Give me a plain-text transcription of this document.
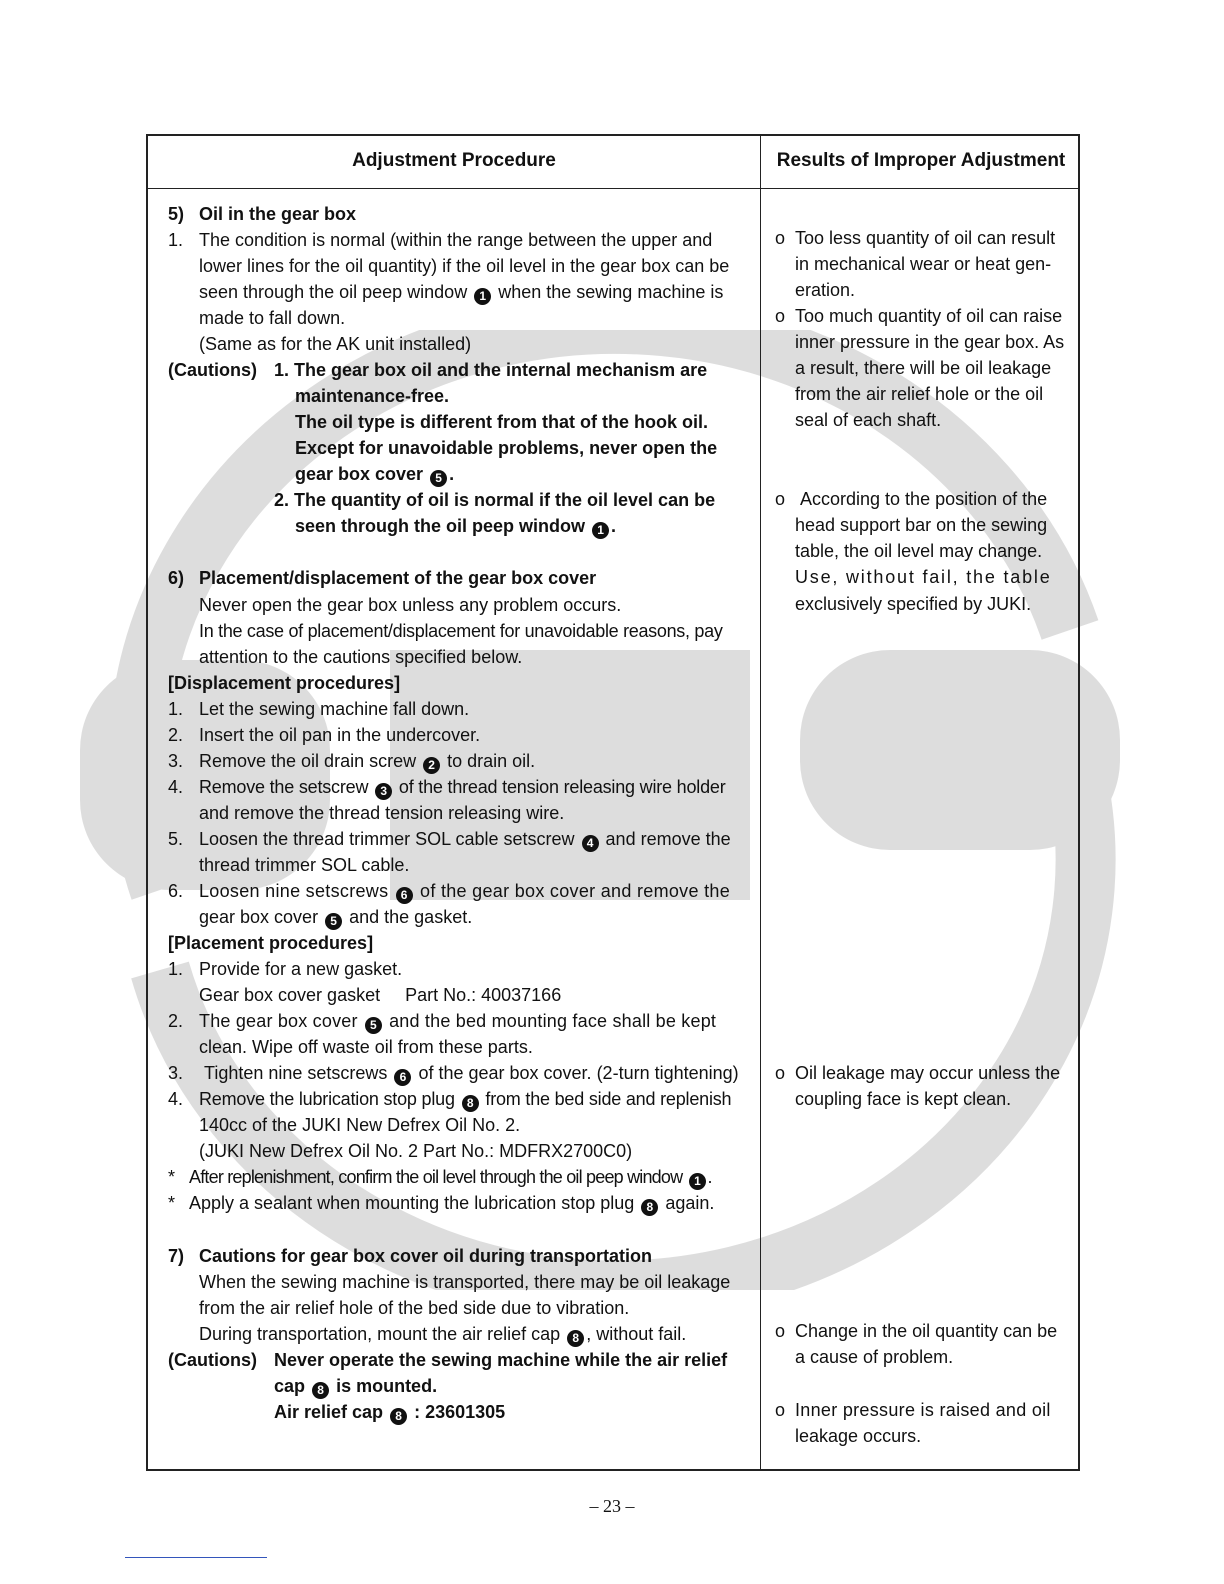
Adjustment Procedure	Results of Improper Adjustment
5) Oil in the gear box
1. The condition is normal (within the range between the upper and
lower lines for the oil quantity) if the oil level in the gear box can be
seen through the oil peep window 1 when the sewing machine is
made to fall down.
(Same as for the AK unit installed)
(Cautions) 1. The gear box oil and the internal mechanism are
maintenance-free.
The oil type is different from that of the hook oil.
Except for unavoidable problems, never open the
gear box cover 5 .
2. The quantity of oil is normal if the oil level can be
seen through the oil peep window 1 .
6) Placement/displacement of the gear box cover
Never open the gear box unless any problem occurs.
In the case of placement/displacement for unavoidable reasons, pay
attention to the cautions specified below.
[Displacement procedures]
1. Let the sewing machine fall down.
2. Insert the oil pan in the undercover.
3. Remove the oil drain screw 2 to drain oil.
4. Remove the setscrew 3 of the thread tension releasing wire holder
and remove the thread tension releasing wire.
5. Loosen the thread trimmer SOL cable setscrew 4 and remove the
thread trimmer SOL cable.
6. Loosen nine setscrews 6 of the gear box cover and remove the
gear box cover 5 and the gasket.
[Placement procedures]
1. Provide for a new gasket.
Gear box cover gasket     Part No.: 40037166
2. The gear box cover 5 and the bed mounting face shall be kept
clean. Wipe off waste oil from these parts.
3. Tighten nine setscrews 6 of the gear box cover. (2-turn tightening)
4. Remove the lubrication stop plug 8 from the bed side and replenish
140cc of the JUKI New Defrex Oil No. 2.
(JUKI New Defrex Oil No. 2 Part No.: MDFRX2700C0)
* After replenishment, confirm the oil level through the oil peep window 1 .
* Apply a sealant when mounting the lubrication stop plug 8 again.
7) Cautions for gear box cover oil during transportation
When the sewing machine is transported, there may be oil leakage
from the air relief hole of the bed side due to vibration.
During transportation, mount the air relief cap 8 , without fail.
(Cautions) Never operate the sewing machine while the air relief
cap 8 is mounted.
Air relief cap 8 : 23601305
o Too less quantity of oil can result
in mechanical wear or heat gen-
eration.
o Too much quantity of oil can raise
inner pressure in the gear box. As
a result, there will be oil leakage
from the air relief hole or the oil
seal of each shaft.
o According to the position of the
head support bar on the sewing
table, the oil level may change.
Use, without fail, the table
exclusively specified by JUKI.
o Oil leakage may occur unless the
coupling face is kept clean.
o Change in the oil quantity can be
a cause of problem.
o Inner pressure is raised and oil
leakage occurs.
– 23 –
